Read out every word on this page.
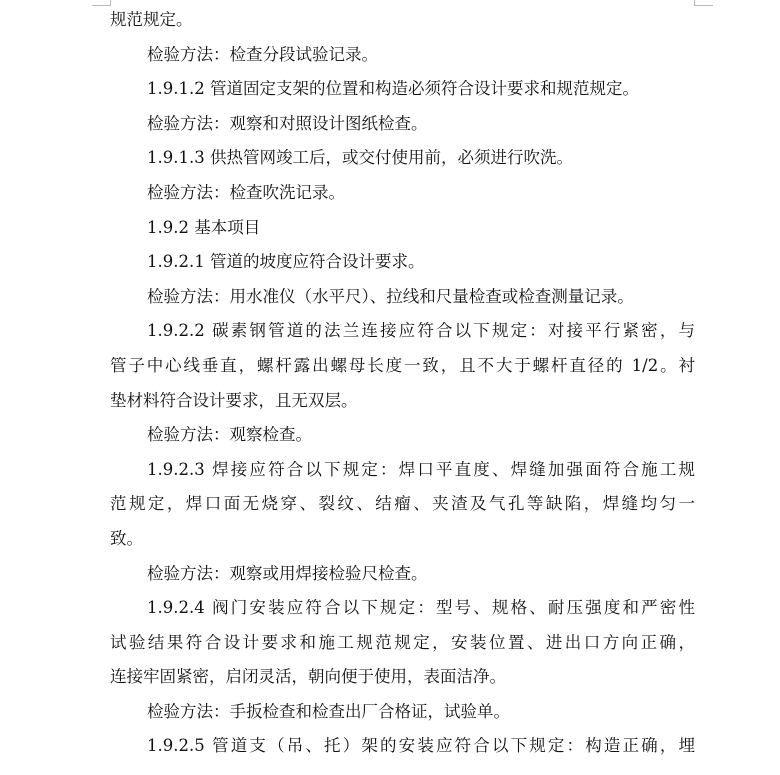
规范规定。
检验方法：检查分段试验记录。
1.9.1.2 管道固定支架的位置和构造必须符合设计要求和规范规定。
检验方法：观察和对照设计图纸检查。
1.9.1.3 供热管网竣工后，或交付使用前，必须进行吹洗。
检验方法：检查吹洗记录。
1.9.2 基本项目
1.9.2.1 管道的坡度应符合设计要求。
检验方法：用水准仪（水平尺）、拉线和尺量检查或检查测量记录。
1.9.2.2 碳素钢管道的法兰连接应符合以下规定：对接平行紧密，与
管子中心线垂直，螺杆露出螺母长度一致，且不大于螺杆直径的 1/2。衬
垫材料符合设计要求，且无双层。
检验方法：观察检查。
1.9.2.3 焊接应符合以下规定：焊口平直度、焊缝加强面符合施工规
范规定，焊口面无烧穿、裂纹、结瘤、夹渣及气孔等缺陷，焊缝均匀一
致。
检验方法：观察或用焊接检验尺检查。
1.9.2.4 阀门安装应符合以下规定：型号、规格、耐压强度和严密性
试验结果符合设计要求和施工规范规定，安装位置、进出口方向正确，
连接牢固紧密，启闭灵活，朝向便于使用，表面洁净。
检验方法：手扳检查和检查出厂合格证，试验单。
1.9.2.5 管道支（吊、托）架的安装应符合以下规定：构造正确，埋
